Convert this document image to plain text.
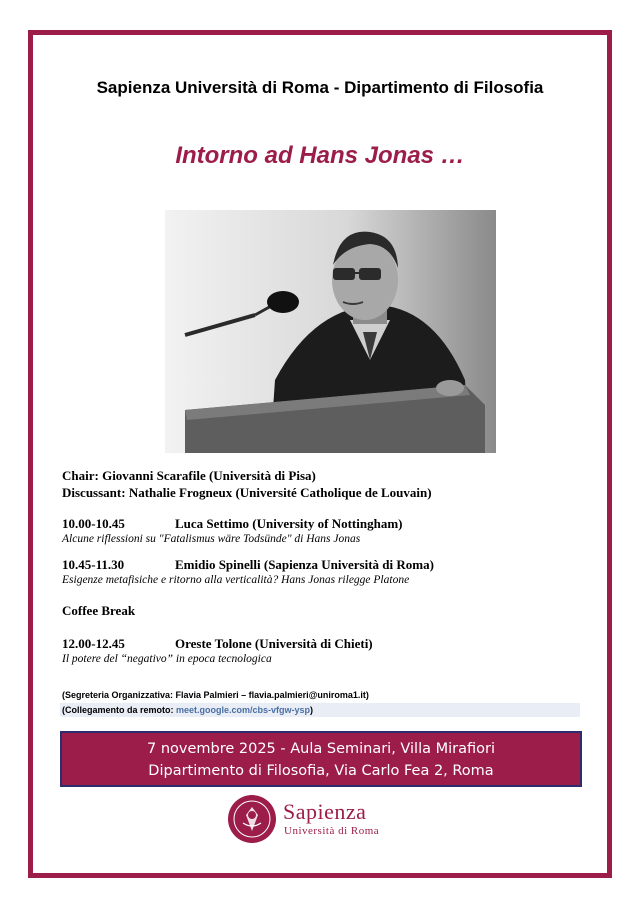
Sapienza Università di Roma - Dipartimento di Filosofia
Intorno ad Hans Jonas …
Chair: Giovanni Scarafile (Università di Pisa)
Discussant: Nathalie Frogneux (Université Catholique de Louvain)
10.00-10.45	Luca Settimo (University of Nottingham)
Alcune riflessioni su "Fatalismus wäre Todsünde" di Hans Jonas
10.45-11.30	Emidio Spinelli (Sapienza Università di Roma)
Esigenze metafisiche e ritorno alla verticalità? Hans Jonas rilegge Platone
Coffee Break
12.00-12.45	Oreste Tolone (Università di Chieti)
Il potere del “negativo” in epoca tecnologica
(Segreteria Organizzativa: Flavia Palmieri – flavia.palmieri@uniroma1.it)
(Collegamento da remoto: meet.google.com/cbs-vfgw-ysp)
7 novembre 2025 - Aula Seminari, Villa Mirafiori
Dipartimento di Filosofia, Via Carlo Fea 2, Roma
Sapienza
Università di Roma
